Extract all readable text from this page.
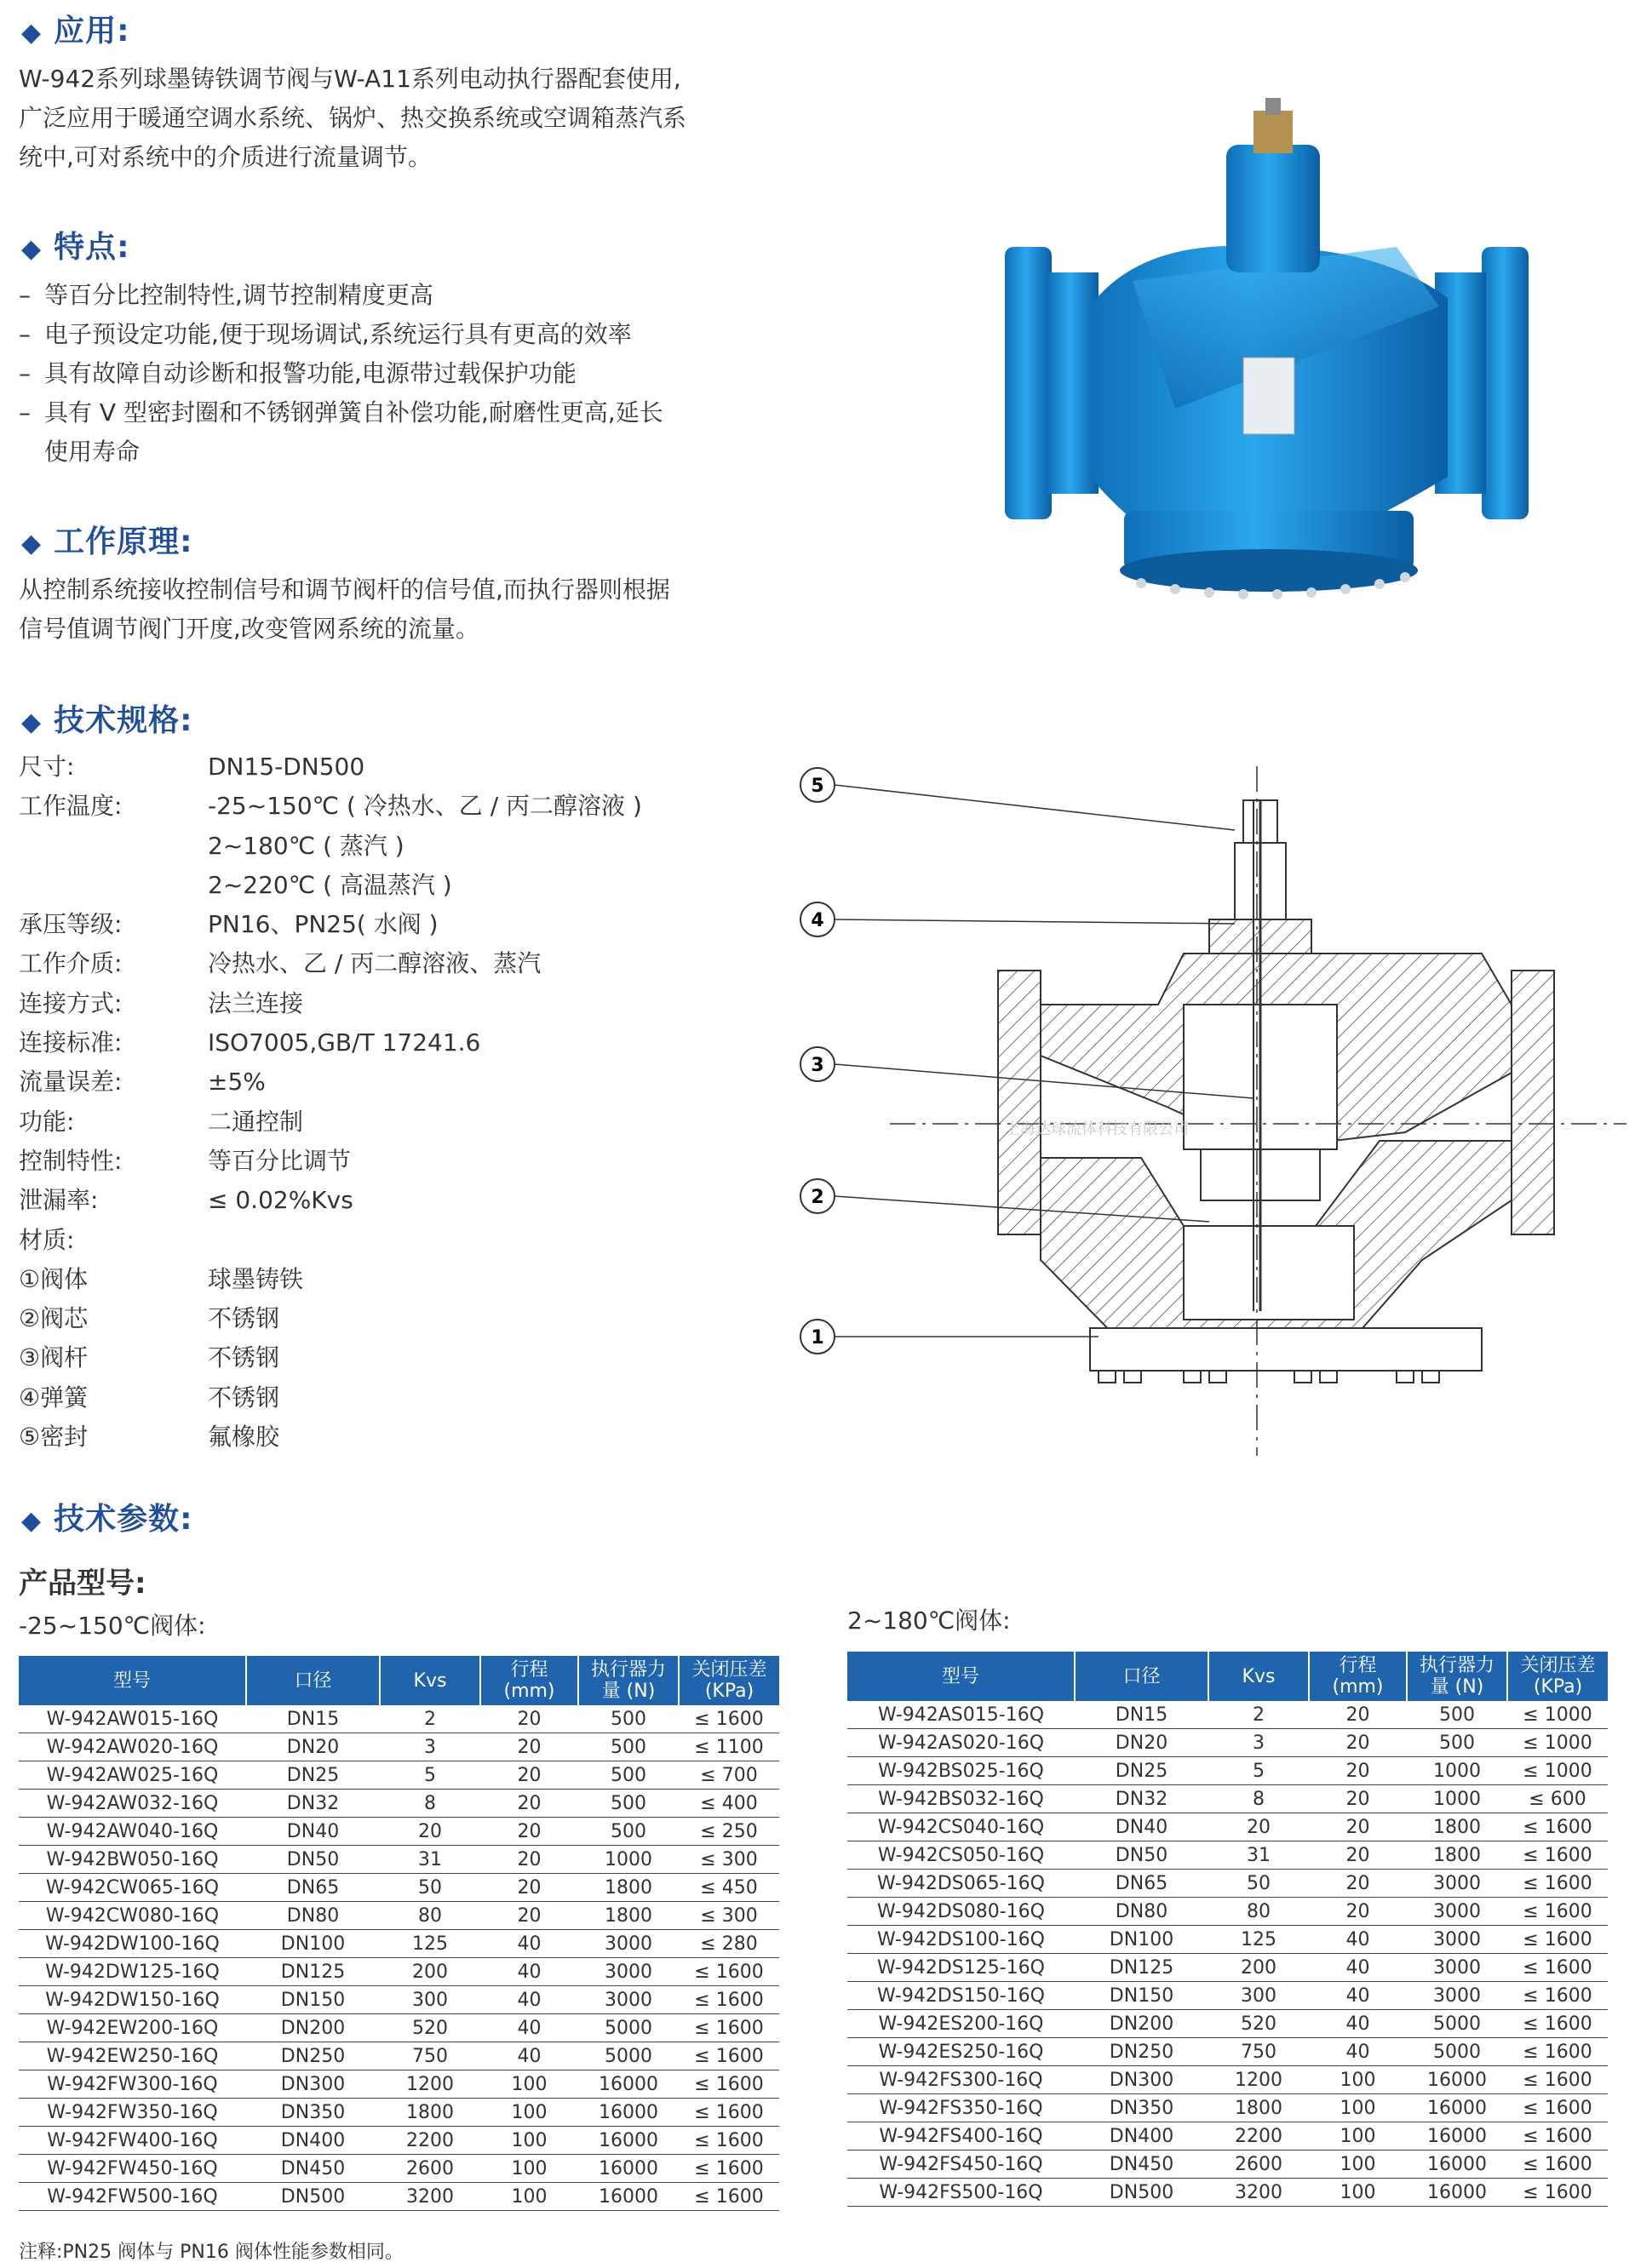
◆ 应用:
W-942系列球墨铸铁调节阀与W-A11系列电动执行器配套使用,
广泛应用于暖通空调水系统、锅炉、热交换系统或空调箱蒸汽系
统中,可对系统中的介质进行流量调节。
◆ 特点:
– 等百分比控制特性,调节控制精度更高
– 电子预设定功能,便于现场调试,系统运行具有更高的效率
– 具有故障自动诊断和报警功能,电源带过载保护功能
– 具有 V 型密封圈和不锈钢弹簧自补偿功能,耐磨性更高,延长
使用寿命
◆ 工作原理:
从控制系统接收控制信号和调节阀杆的信号值,而执行器则根据
信号值调节阀门开度,改变管网系统的流量。
◆ 技术规格:
尺寸:	DN15-DN500
工作温度:	-25~150℃ ( 冷热水、乙 / 丙二醇溶液 )
2~180℃ ( 蒸汽 )
2~220℃ ( 高温蒸汽 )
承压等级:	PN16、PN25( 水阀 )
工作介质:	冷热水、乙 / 丙二醇溶液、蒸汽
连接方式:	法兰连接
连接标准:	ISO7005,GB/T 17241.6
流量误差:	±5%
功能:	二通控制
控制特性:	等百分比调节
泄漏率:	≤ 0.02%Kvs
材质:
①阀体	球墨铸铁
②阀芯	不锈钢
③阀杆	不锈钢
④弹簧	不锈钢
⑤密封	氟橡胶
5
4
3
2
1
上海达球流体科技有限公司
◆ 技术参数:
产品型号:
-25~150℃阀体:	2~180℃阀体:
型号	口径	Kvs	行程
(mm)	执行器力
量 (N)	关闭压差
(KPa)
W-942AW015-16Q	DN15	2	20	500	≤ 1600
W-942AW020-16Q	DN20	3	20	500	≤ 1100
W-942AW025-16Q	DN25	5	20	500	≤ 700
W-942AW032-16Q	DN32	8	20	500	≤ 400
W-942AW040-16Q	DN40	20	20	500	≤ 250
W-942BW050-16Q	DN50	31	20	1000	≤ 300
W-942CW065-16Q	DN65	50	20	1800	≤ 450
W-942CW080-16Q	DN80	80	20	1800	≤ 300
W-942DW100-16Q	DN100	125	40	3000	≤ 280
W-942DW125-16Q	DN125	200	40	3000	≤ 1600
W-942DW150-16Q	DN150	300	40	3000	≤ 1600
W-942EW200-16Q	DN200	520	40	5000	≤ 1600
W-942EW250-16Q	DN250	750	40	5000	≤ 1600
W-942FW300-16Q	DN300	1200	100	16000	≤ 1600
W-942FW350-16Q	DN350	1800	100	16000	≤ 1600
W-942FW400-16Q	DN400	2200	100	16000	≤ 1600
W-942FW450-16Q	DN450	2600	100	16000	≤ 1600
W-942FW500-16Q	DN500	3200	100	16000	≤ 1600
型号	口径	Kvs	行程
(mm)	执行器力
量 (N)	关闭压差
(KPa)
W-942AS015-16Q	DN15	2	20	500	≤ 1000
W-942AS020-16Q	DN20	3	20	500	≤ 1000
W-942BS025-16Q	DN25	5	20	1000	≤ 1000
W-942BS032-16Q	DN32	8	20	1000	≤ 600
W-942CS040-16Q	DN40	20	20	1800	≤ 1600
W-942CS050-16Q	DN50	31	20	1800	≤ 1600
W-942DS065-16Q	DN65	50	20	3000	≤ 1600
W-942DS080-16Q	DN80	80	20	3000	≤ 1600
W-942DS100-16Q	DN100	125	40	3000	≤ 1600
W-942DS125-16Q	DN125	200	40	3000	≤ 1600
W-942DS150-16Q	DN150	300	40	3000	≤ 1600
W-942ES200-16Q	DN200	520	40	5000	≤ 1600
W-942ES250-16Q	DN250	750	40	5000	≤ 1600
W-942FS300-16Q	DN300	1200	100	16000	≤ 1600
W-942FS350-16Q	DN350	1800	100	16000	≤ 1600
W-942FS400-16Q	DN400	2200	100	16000	≤ 1600
W-942FS450-16Q	DN450	2600	100	16000	≤ 1600
W-942FS500-16Q	DN500	3200	100	16000	≤ 1600
注释:PN25 阀体与 PN16 阀体性能参数相同。
